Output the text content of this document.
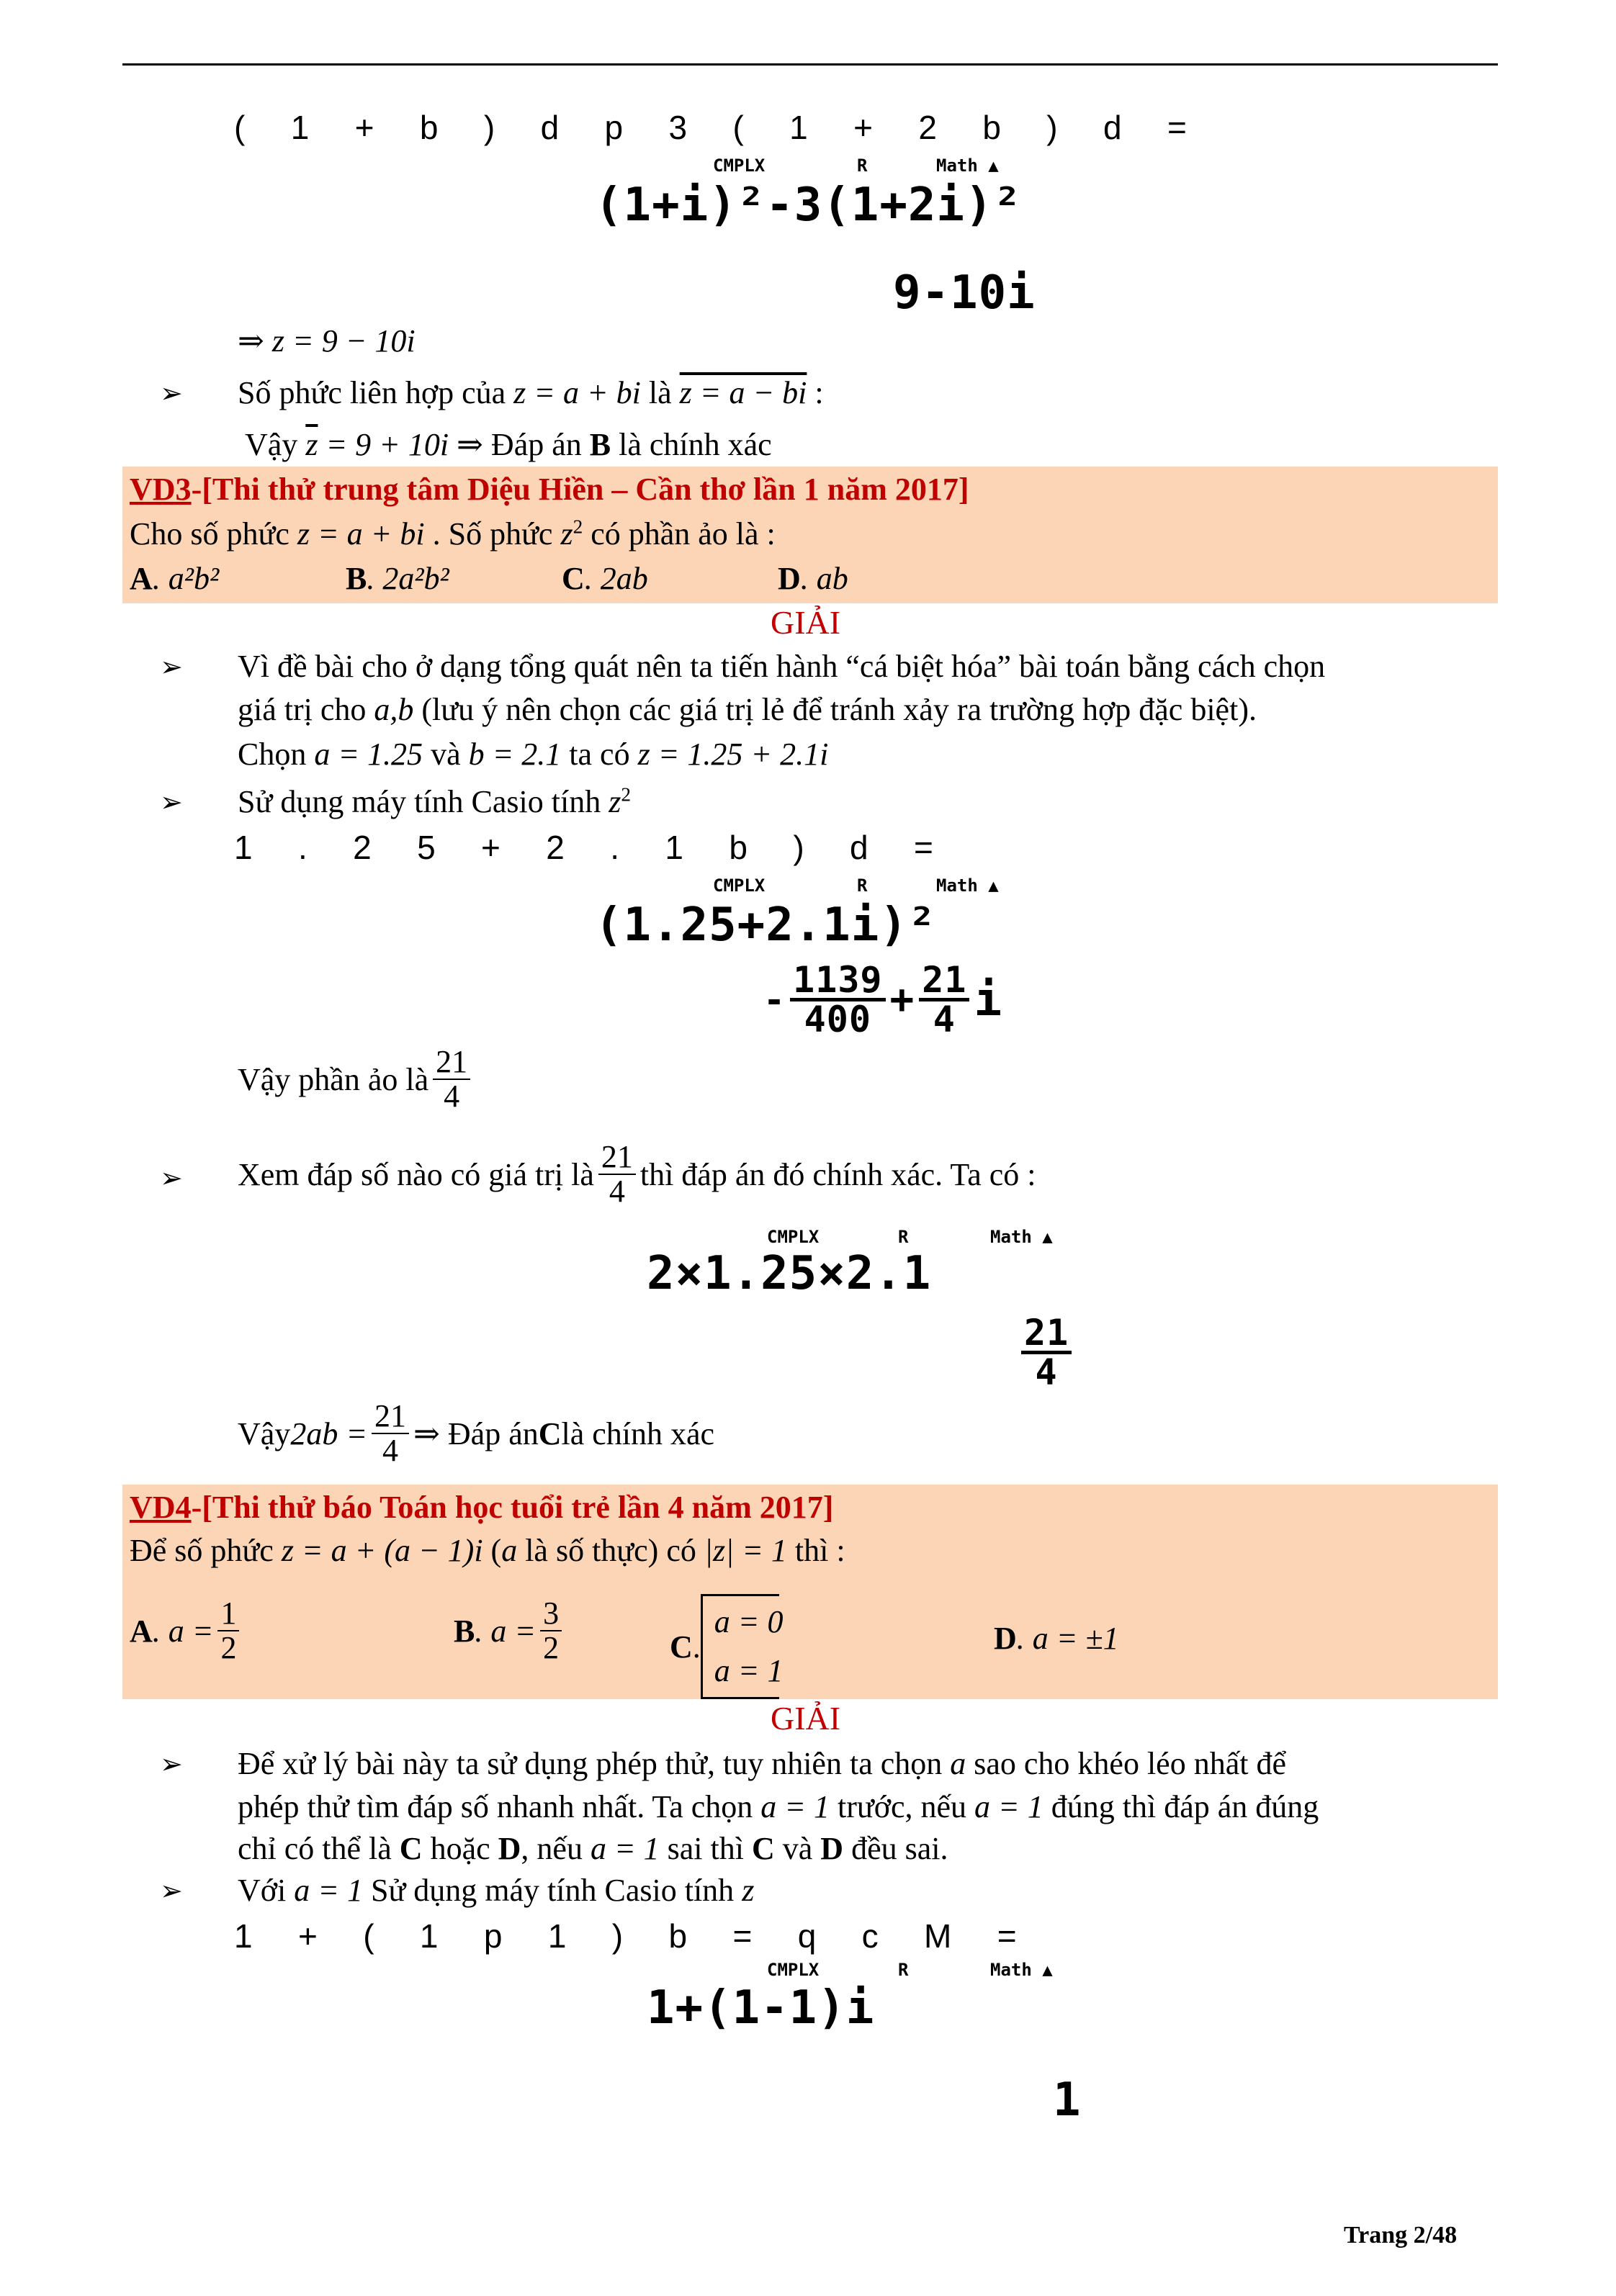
( 1 + b ) d p 3 ( 1 + 2 b ) d =
CMPLX	R	Math ▲
(1+i)²-3(1+2i)²
9-10i
⇒ z = 9 − 10i
➢ Số phức liên hợp của z = a + bi là z = a − bi :
Vậy $\overline{z} = 9 + 10i$ ⇒ Đáp án B là chính xác
VD3-[Thi thử trung tâm Diệu Hiền – Cần thơ lần 1 năm 2017]
Cho số phức z = a + bi . Số phức $z^2$ có phần ảo là :
A. a²b²	B. 2a²b²	C. 2ab	D. ab
GIẢI
➢ Vì đề bài cho ở dạng tổng quát nên ta tiến hành “cá biệt hóa” bài toán bằng cách chọn
giá trị cho a,b (lưu ý nên chọn các giá trị lẻ để tránh xảy ra trường hợp đặc biệt).
Chọn a = 1.25 và b = 2.1 ta có z = 1.25 + 2.1i
➢ Sử dụng máy tính Casio tính $z^2$
1 . 2 5 + 2 . 1 b ) d =
CMPLX	R	Math ▲
(1.25+2.1i)²
- 1139
$400 + \frac{21}{4}$ i
Vậy phần ảo là $\frac{21}{4}$
➢ Xem đáp số nào có giá trị là $\frac{21}{4}$ thì đáp án đó chính xác. Ta có :
CMPLX	R	Math ▲
2×1.25×2.1
$\frac{21}{4}$
Vậy $2ab = \frac{21}{4}$ ⇒ Đáp án C là chính xác
VD4-[Thi thử báo Toán học tuổi trẻ lần 4 năm 2017]
Để số phức z = a + (a − 1)i (a là số thực) có |z| = 1 thì :
A . $a = \frac{1}{2}$	B . $a = \frac{3}{2}$	C .
a = 0
a = 1
D. a = ±1
GIẢI
➢ Để xử lý bài này ta sử dụng phép thử, tuy nhiên ta chọn a sao cho khéo léo nhất để
phép thử tìm đáp số nhanh nhất. Ta chọn a = 1 trước, nếu a = 1 đúng thì đáp án đúng
chỉ có thể là C hoặc D, nếu a = 1 sai thì C và D đều sai.
➢ Với a = 1 Sử dụng máy tính Casio tính z
1 + ( 1 p 1 ) b = q c M =
CMPLX	R	Math ▲
1+(1-1)i
1
Trang 2/48
